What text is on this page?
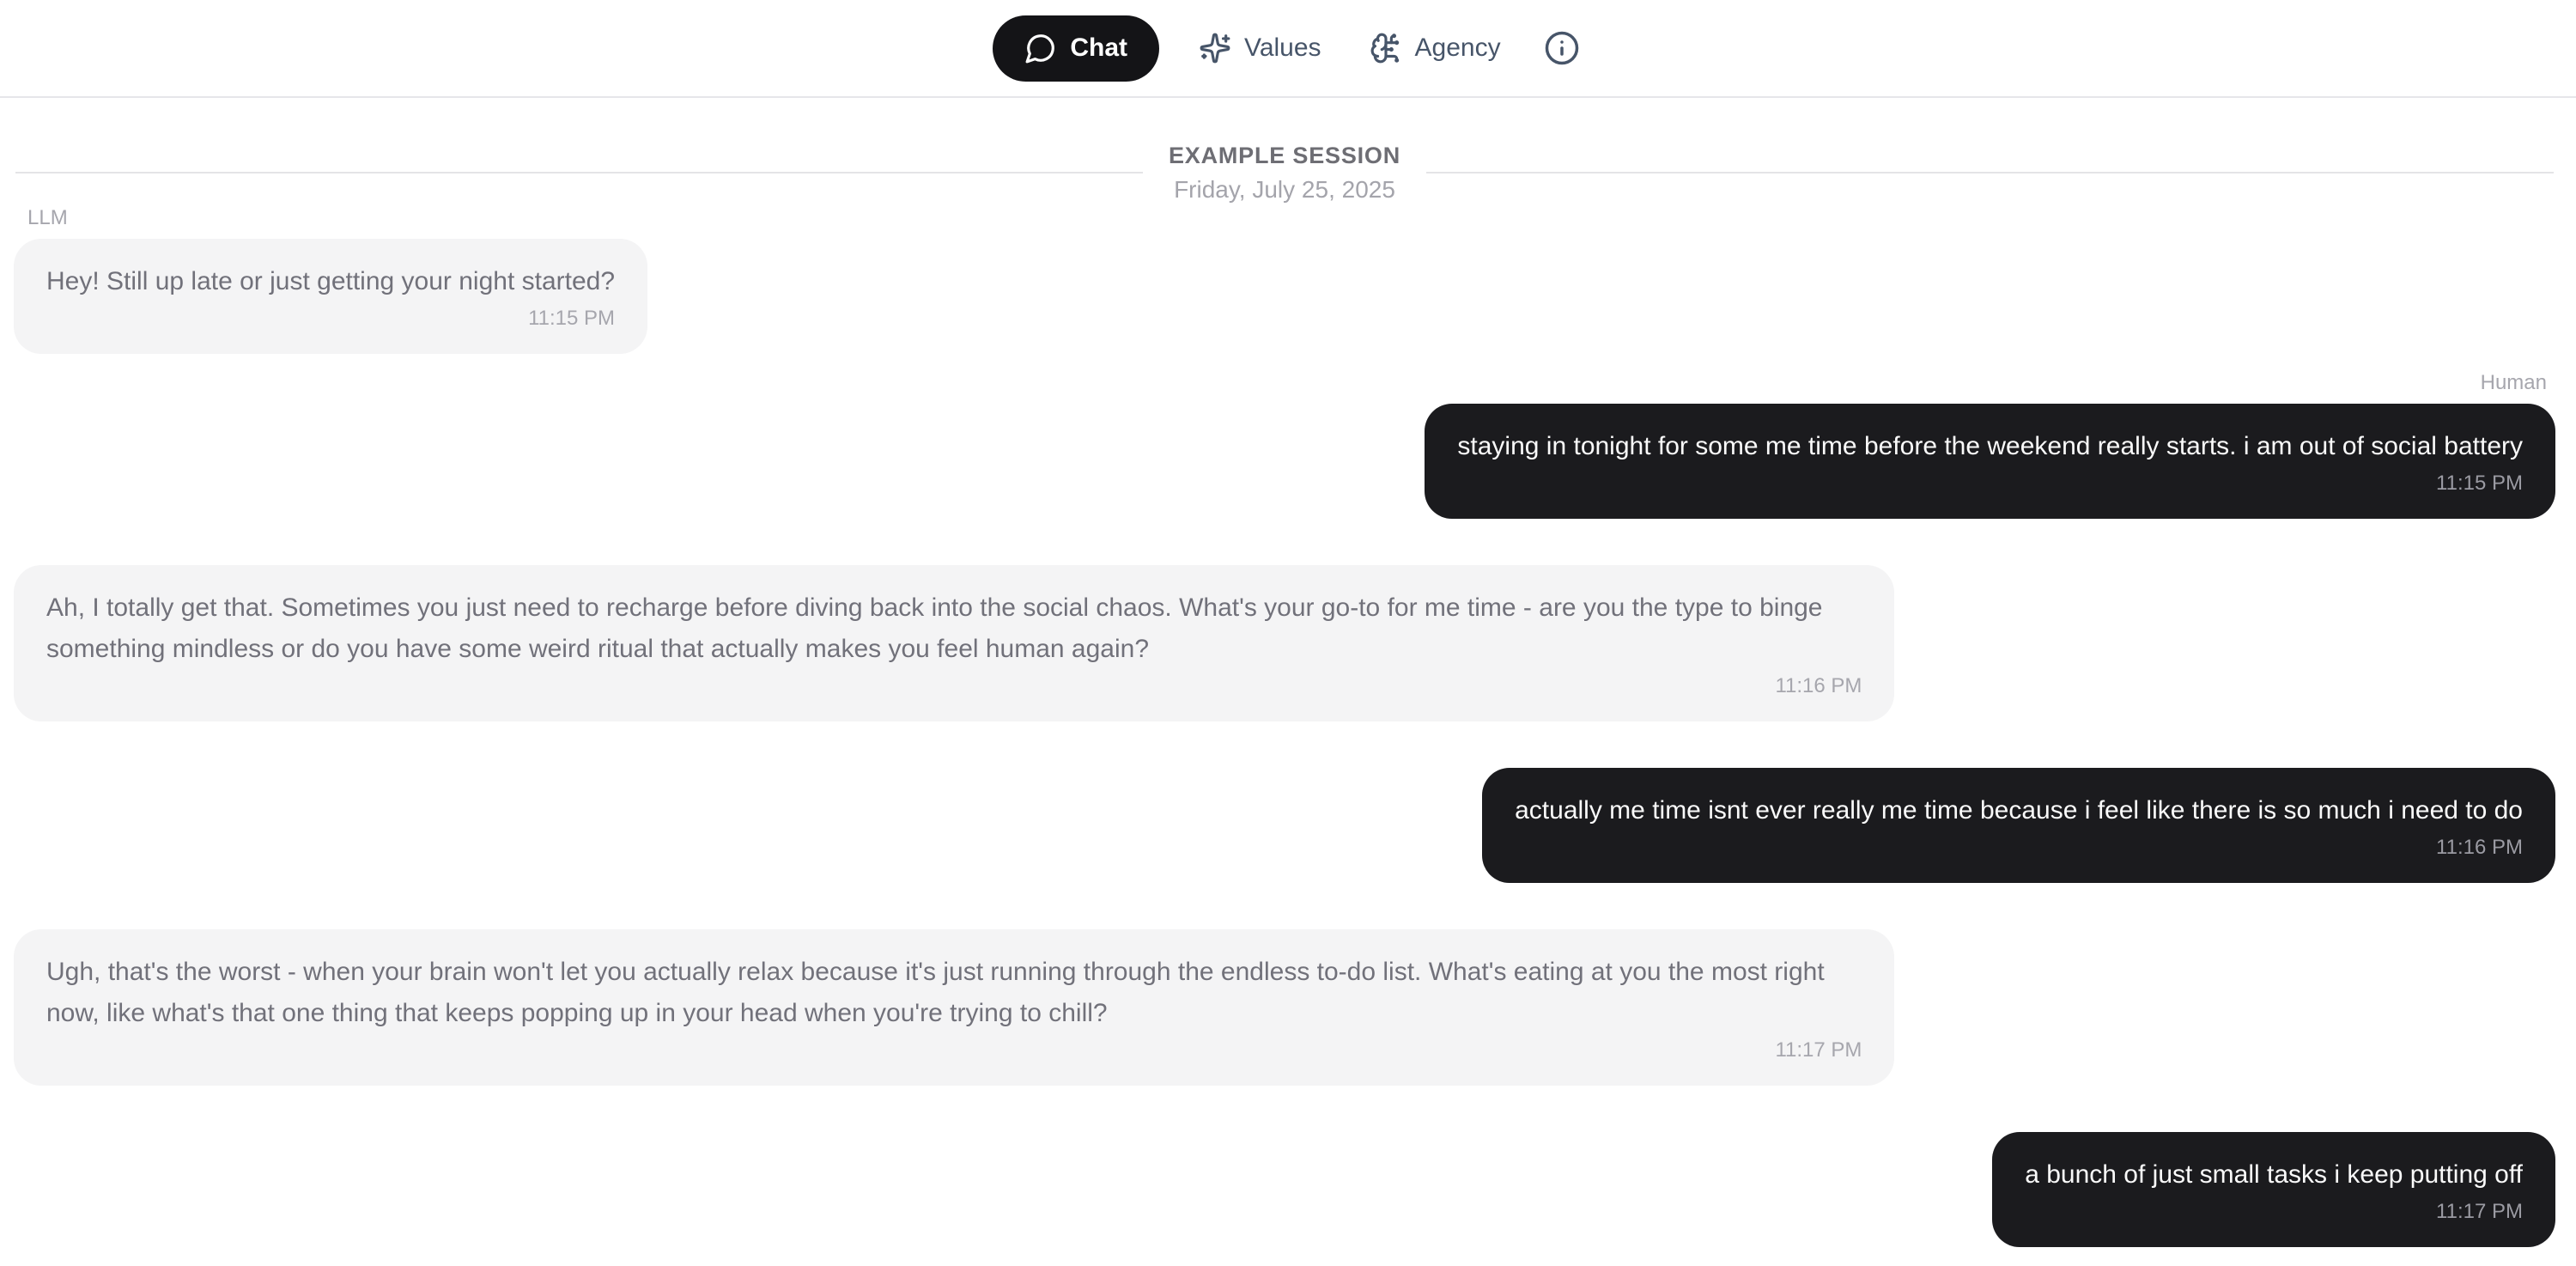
Chat	Values	Agency
EXAMPLE SESSION
Friday, July 25, 2025
LLM
Hey! Still up late or just getting your night started?
11:15 PM
Human
staying in tonight for some me time before the weekend really starts. i am out of social battery
11:15 PM
Ah, I totally get that. Sometimes you just need to recharge before diving back into the social chaos. What's your go-to for me time - are you the type to binge something mindless or do you have some weird ritual that actually makes you feel human again?
11:16 PM
actually me time isnt ever really me time because i feel like there is so much i need to do
11:16 PM
Ugh, that's the worst - when your brain won't let you actually relax because it's just running through the endless to-do list. What's eating at you the most right now, like what's that one thing that keeps popping up in your head when you're trying to chill?
11:17 PM
a bunch of just small tasks i keep putting off
11:17 PM
